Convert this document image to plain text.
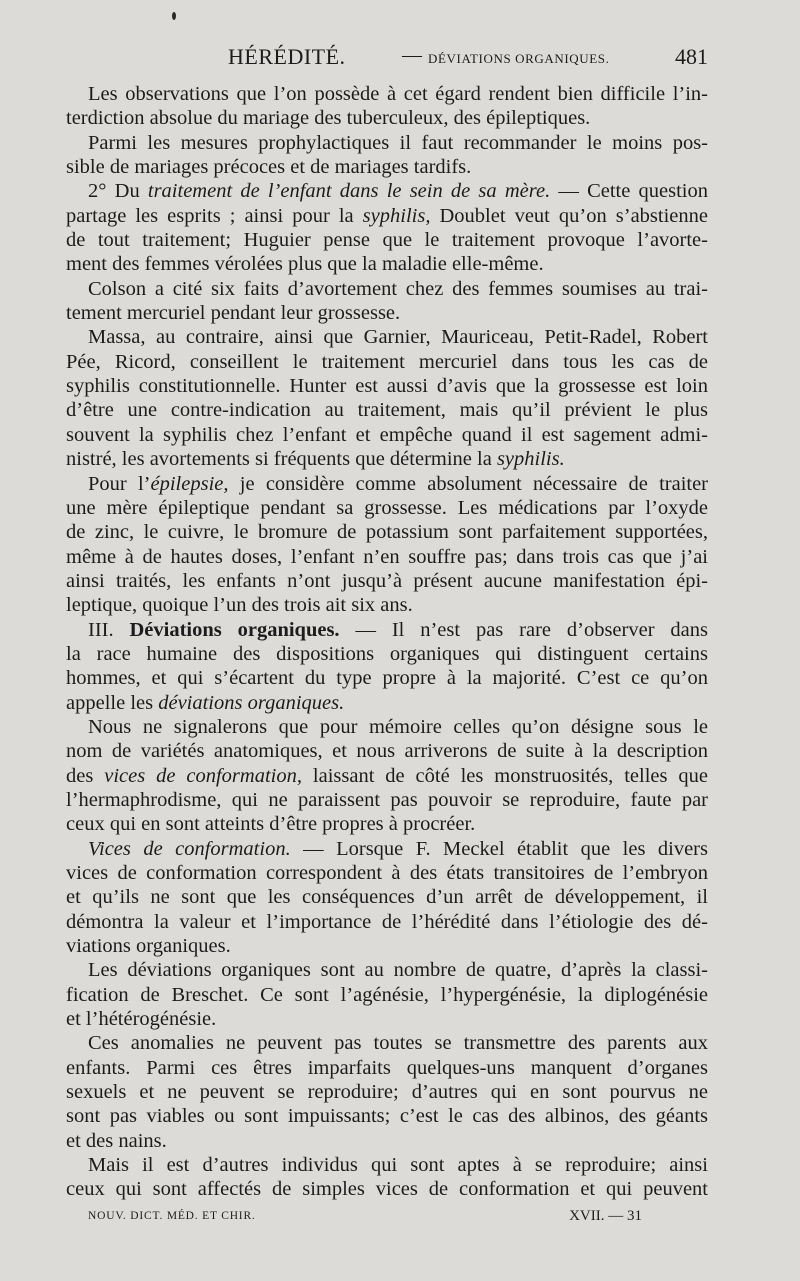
HÉRÉDITÉ.	— DÉVIATIONS ORGANIQUES.	481
Les observations que l’on possède à cet égard rendent bien difficile l’in-
terdiction absolue du mariage des tuberculeux, des épileptiques.
Parmi les mesures prophylactiques il faut recommander le moins pos-
sible de mariages précoces et de mariages tardifs.
2° Du traitement de l’enfant dans le sein de sa mère. — Cette question
partage les esprits ; ainsi pour la syphilis, Doublet veut qu’on s’abstienne
de tout traitement; Huguier pense que le traitement provoque l’avorte-
ment des femmes vérolées plus que la maladie elle-même.
Colson a cité six faits d’avortement chez des femmes soumises au trai-
tement mercuriel pendant leur grossesse.
Massa, au contraire, ainsi que Garnier, Mauriceau, Petit-Radel, Robert
Pée, Ricord, conseillent le traitement mercuriel dans tous les cas de
syphilis constitutionnelle. Hunter est aussi d’avis que la grossesse est loin
d’être une contre-indication au traitement, mais qu’il prévient le plus
souvent la syphilis chez l’enfant et empêche quand il est sagement admi-
nistré, les avortements si fréquents que détermine la syphilis.
Pour l’épilepsie, je considère comme absolument nécessaire de traiter
une mère épileptique pendant sa grossesse. Les médications par l’oxyde
de zinc, le cuivre, le bromure de potassium sont parfaitement supportées,
même à de hautes doses, l’enfant n’en souffre pas; dans trois cas que j’ai
ainsi traités, les enfants n’ont jusqu’à présent aucune manifestation épi-
leptique, quoique l’un des trois ait six ans.
III. Déviations organiques. — Il n’est pas rare d’observer dans
la race humaine des dispositions organiques qui distinguent certains
hommes, et qui s’écartent du type propre à la majorité. C’est ce qu’on
appelle les déviations organiques.
Nous ne signalerons que pour mémoire celles qu’on désigne sous le
nom de variétés anatomiques, et nous arriverons de suite à la description
des vices de conformation, laissant de côté les monstruosités, telles que
l’hermaphrodisme, qui ne paraissent pas pouvoir se reproduire, faute par
ceux qui en sont atteints d’être propres à procréer.
Vices de conformation. — Lorsque F. Meckel établit que les divers
vices de conformation correspondent à des états transitoires de l’embryon
et qu’ils ne sont que les conséquences d’un arrêt de développement, il
démontra la valeur et l’importance de l’hérédité dans l’étiologie des dé-
viations organiques.
Les déviations organiques sont au nombre de quatre, d’après la classi-
fication de Breschet. Ce sont l’agénésie, l’hypergénésie, la diplogénésie
et l’hétérogénésie.
Ces anomalies ne peuvent pas toutes se transmettre des parents aux
enfants. Parmi ces êtres imparfaits quelques-uns manquent d’organes
sexuels et ne peuvent se reproduire; d’autres qui en sont pourvus ne
sont pas viables ou sont impuissants; c’est le cas des albinos, des géants
et des nains.
Mais il est d’autres individus qui sont aptes à se reproduire; ainsi
ceux qui sont affectés de simples vices de conformation et qui peuvent
NOUV. DICT. MÉD. ET CHIR.	XVII. — 31
